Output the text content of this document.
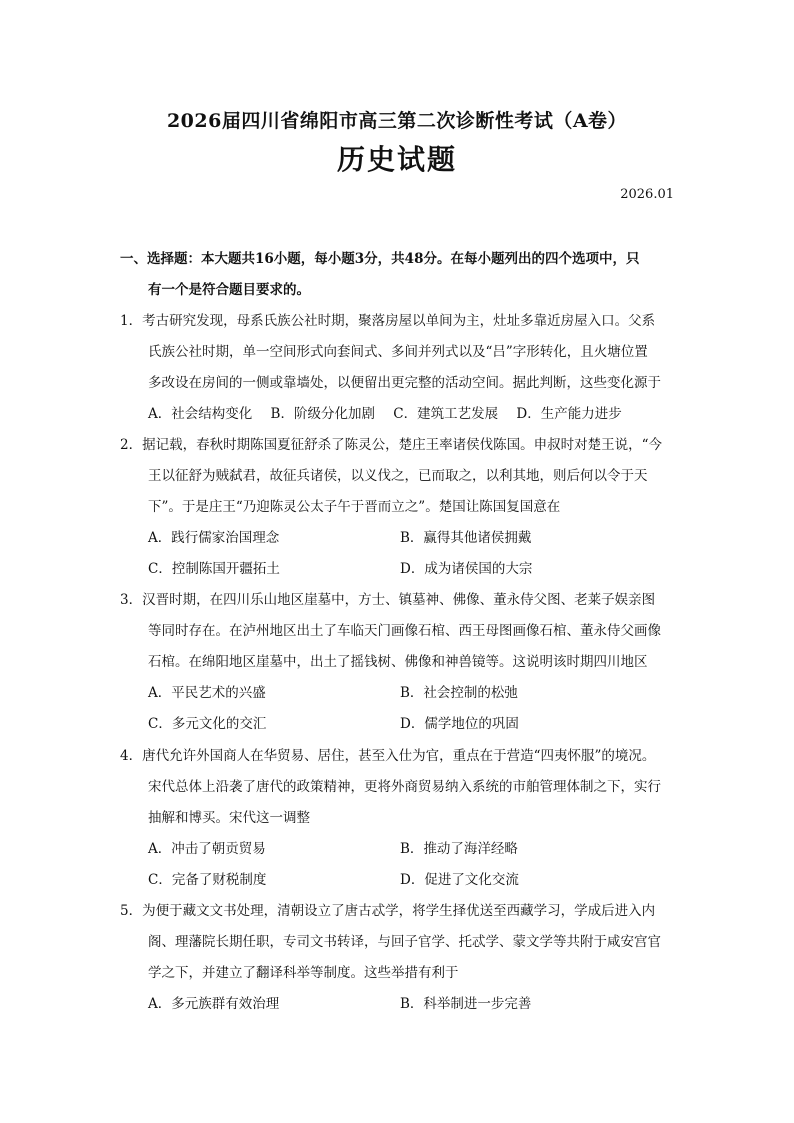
2026届四川省绵阳市高三第二次诊断性考试（A卷）
历史试题
2026.01
一、选择题：本大题共16小题，每小题3分，共48分。在每小题列出的四个选项中，只
有一个是符合题目要求的。
1．考古研究发现，母系氏族公社时期，聚落房屋以单间为主，灶址多靠近房屋入口。父系
氏族公社时期，单一空间形式向套间式、多间并列式以及“吕”字形转化，且火塘位置
多改设在房间的一侧或靠墙处，以便留出更完整的活动空间。据此判断，这些变化源于
A．社会结构变化 B．阶级分化加剧 C．建筑工艺发展 D．生产能力进步
2．据记载，春秋时期陈国夏征舒杀了陈灵公，楚庄王率诸侯伐陈国。申叔时对楚王说，“今
王以征舒为贼弑君，故征兵诸侯，以义伐之，已而取之，以利其地，则后何以令于天
下”。于是庄王“乃迎陈灵公太子午于晋而立之”。楚国让陈国复国意在
A．践行儒家治国理念	B．赢得其他诸侯拥戴
C．控制陈国开疆拓土	D．成为诸侯国的大宗
3．汉晋时期，在四川乐山地区崖墓中，方士、镇墓神、佛像、董永侍父图、老莱子娱亲图
等同时存在。在泸州地区出土了车临天门画像石棺、西王母图画像石棺、董永侍父画像
石棺。在绵阳地区崖墓中，出土了摇钱树、佛像和神兽镜等。这说明该时期四川地区
A．平民艺术的兴盛	B．社会控制的松弛
C．多元文化的交汇	D．儒学地位的巩固
4．唐代允许外国商人在华贸易、居住，甚至入仕为官，重点在于营造“四夷怀服”的境况。
宋代总体上沿袭了唐代的政策精神，更将外商贸易纳入系统的市舶管理体制之下，实行
抽解和博买。宋代这一调整
A．冲击了朝贡贸易	B．推动了海洋经略
C．完备了财税制度	D．促进了文化交流
5．为便于藏文文书处理，清朝设立了唐古忒学，将学生择优送至西藏学习，学成后进入内
阁、理藩院长期任职，专司文书转译，与回子官学、托忒学、蒙文学等共附于咸安宫官
学之下，并建立了翻译科举等制度。这些举措有利于
A．多元族群有效治理	B．科举制进一步完善
